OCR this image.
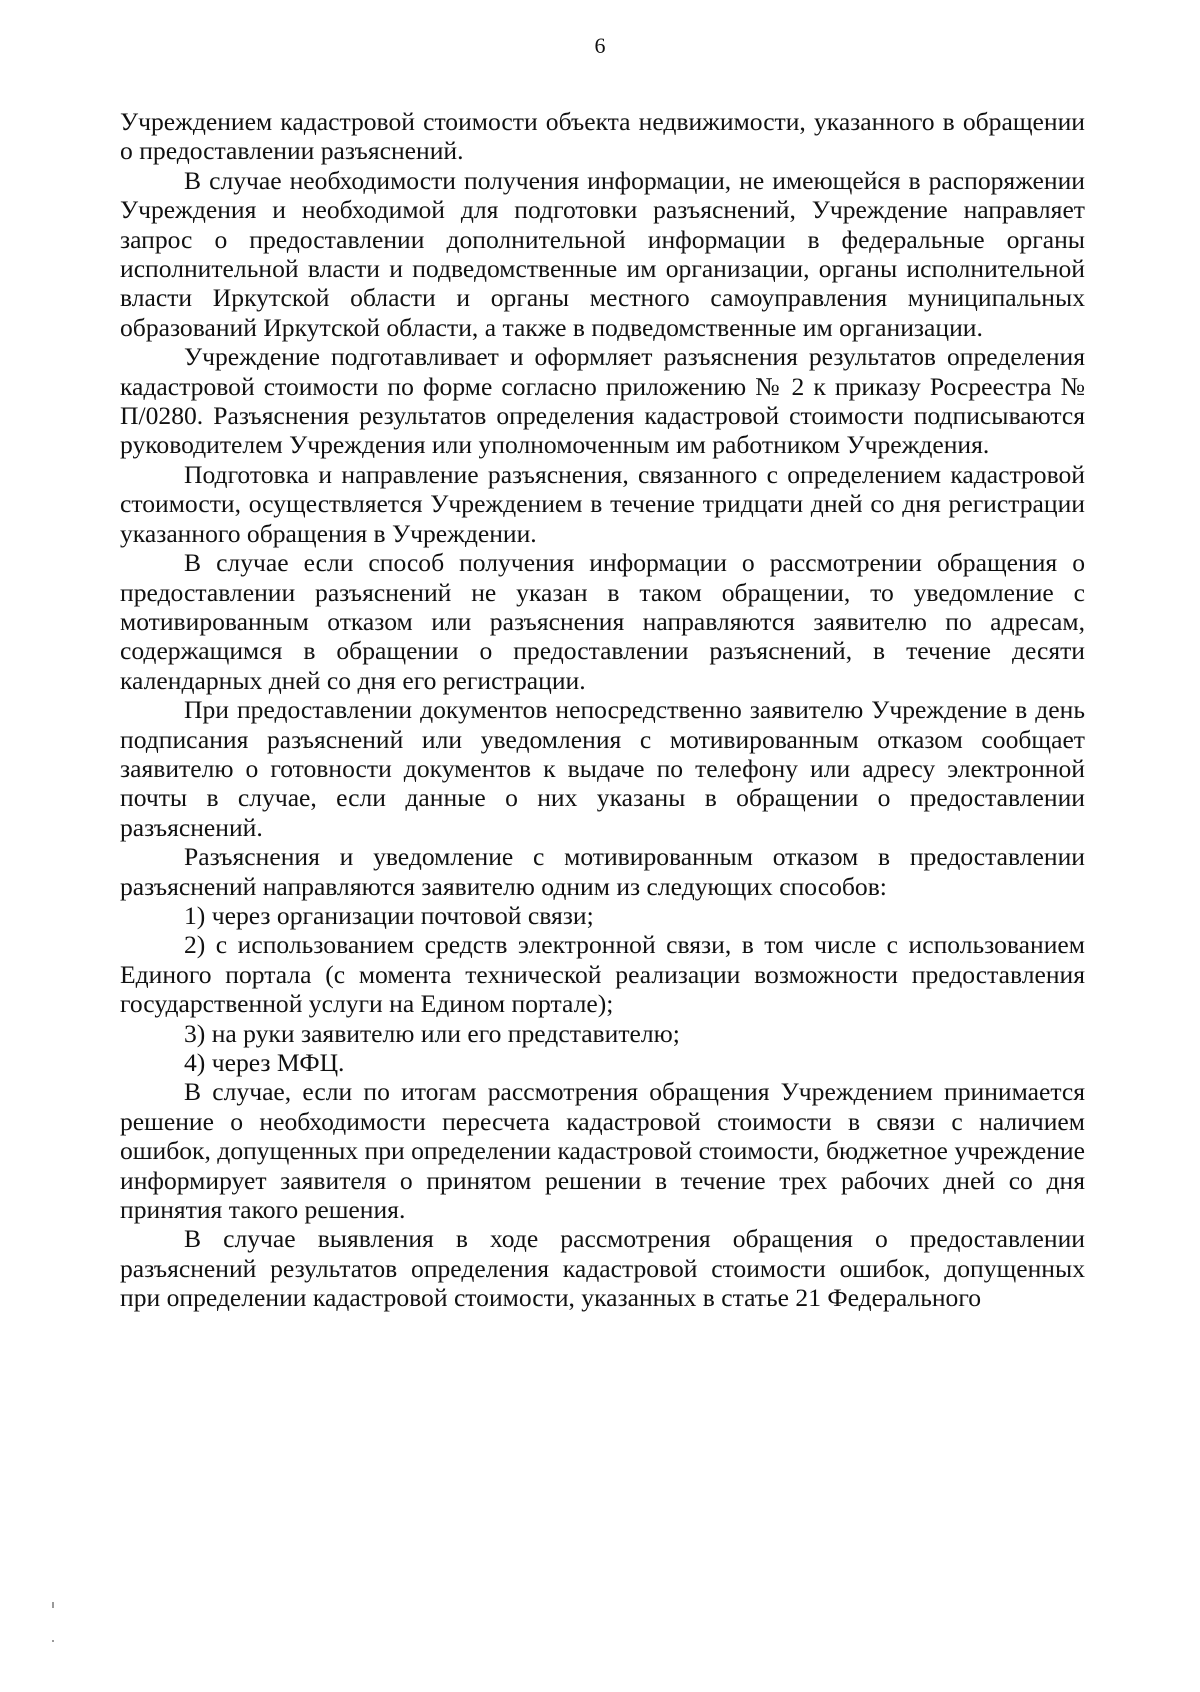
6

Учреждением кадастровой стоимости объекта недвижимости, указанного в обращении о предоставлении разъяснений.

В случае необходимости получения информации, не имеющейся в распоряжении Учреждения и необходимой для подготовки разъяснений, Учреждение направляет запрос о предоставлении дополнительной информации в федеральные органы исполнительной власти и подведомственные им организации, органы исполнительной власти Иркутской области и органы местного самоуправления муниципальных образований Иркутской области, а также в подведомственные им организации.

Учреждение подготавливает и оформляет разъяснения результатов определения кадастровой стоимости по форме согласно приложению № 2 к приказу Росреестра № П/0280. Разъяснения результатов определения кадастровой стоимости подписываются руководителем Учреждения или уполномоченным им работником Учреждения.

Подготовка и направление разъяснения, связанного с определением кадастровой стоимости, осуществляется Учреждением в течение тридцати дней со дня регистрации указанного обращения в Учреждении.

В случае если способ получения информации о рассмотрении обращения о предоставлении разъяснений не указан в таком обращении, то уведомление с мотивированным отказом или разъяснения направляются заявителю по адресам, содержащимся в обращении о предоставлении разъяснений, в течение десяти календарных дней со дня его регистрации.

При предоставлении документов непосредственно заявителю Учреждение в день подписания разъяснений или уведомления с мотивированным отказом сообщает заявителю о готовности документов к выдаче по телефону или адресу электронной почты в случае, если данные о них указаны в обращении о предоставлении разъяснений.

Разъяснения и уведомление с мотивированным отказом в предоставлении разъяснений направляются заявителю одним из следующих способов:

1) через организации почтовой связи;

2) с использованием средств электронной связи, в том числе с использованием Единого портала (с момента технической реализации возможности предоставления государственной услуги на Едином портале);

3) на руки заявителю или его представителю;

4) через МФЦ.

В случае, если по итогам рассмотрения обращения Учреждением принимается решение о необходимости пересчета кадастровой стоимости в связи с наличием ошибок, допущенных при определении кадастровой стоимости, бюджетное учреждение информирует заявителя о принятом решении в течение трех рабочих дней со дня принятия такого решения.

В случае выявления в ходе рассмотрения обращения о предоставлении разъяснений результатов определения кадастровой стоимости ошибок, допущенных при определении кадастровой стоимости, указанных в статье 21 Федерального
